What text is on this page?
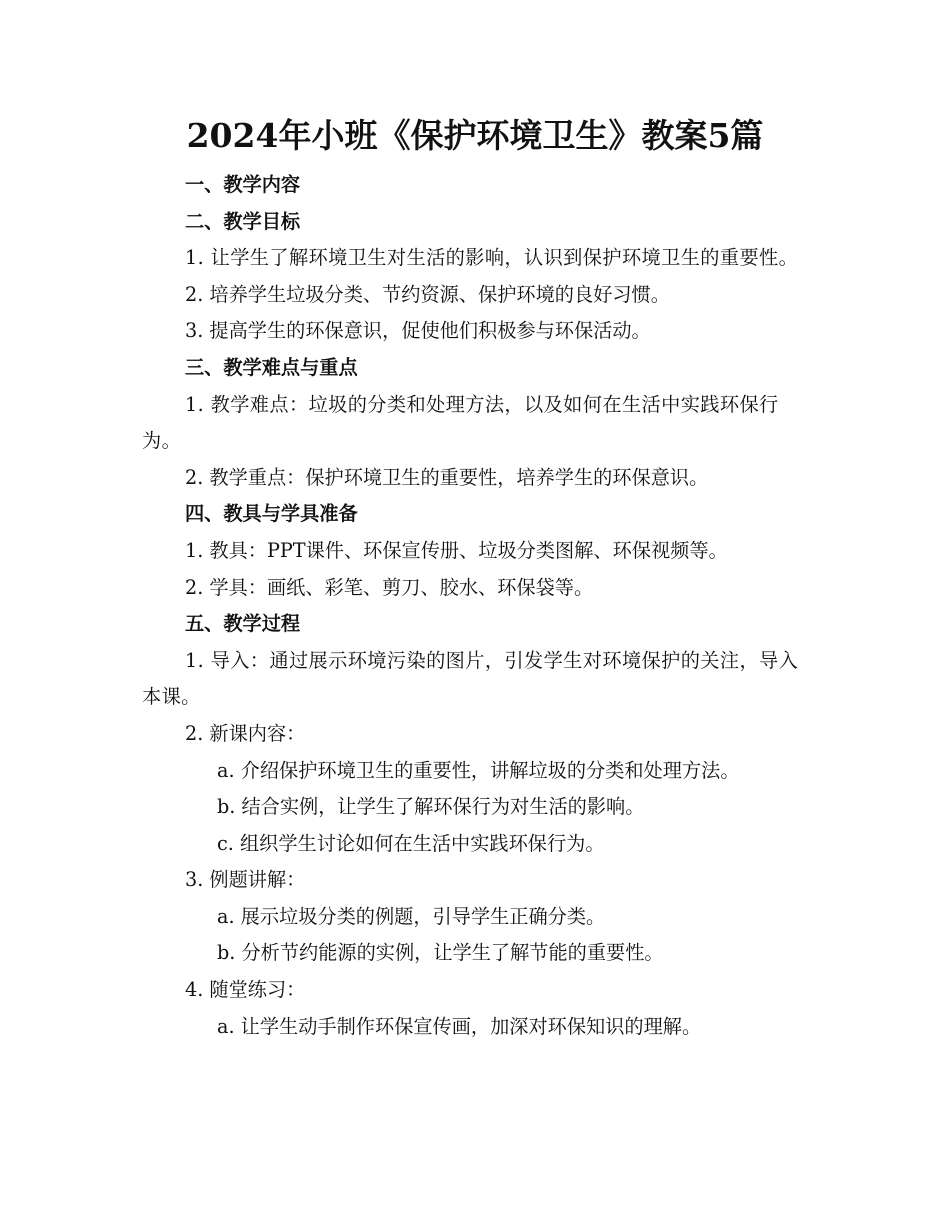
2024年小班《保护环境卫生》教案5篇

一、教学内容

二、教学目标

1. 让学生了解环境卫生对生活的影响，认识到保护环境卫生的重要性。

2. 培养学生垃圾分类、节约资源、保护环境的良好习惯。

3. 提高学生的环保意识，促使他们积极参与环保活动。

三、教学难点与重点

1. 教学难点：垃圾的分类和处理方法，以及如何在生活中实践环保行为。

2. 教学重点：保护环境卫生的重要性，培养学生的环保意识。

四、教具与学具准备

1. 教具：PPT课件、环保宣传册、垃圾分类图解、环保视频等。

2. 学具：画纸、彩笔、剪刀、胶水、环保袋等。

五、教学过程

1. 导入：通过展示环境污染的图片，引发学生对环境保护的关注，导入本课。

2. 新课内容：

a. 介绍保护环境卫生的重要性，讲解垃圾的分类和处理方法。

b. 结合实例，让学生了解环保行为对生活的影响。

c. 组织学生讨论如何在生活中实践环保行为。

3. 例题讲解：

a. 展示垃圾分类的例题，引导学生正确分类。

b. 分析节约能源的实例，让学生了解节能的重要性。

4. 随堂练习：

a. 让学生动手制作环保宣传画，加深对环保知识的理解。
